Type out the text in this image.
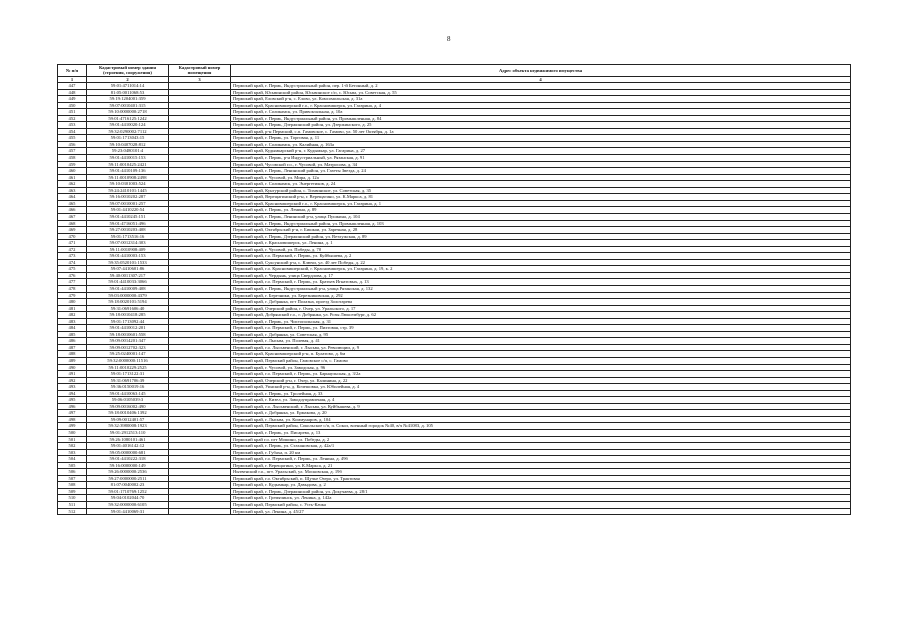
8
№ п/п	Кадастровый номер здания (строения, сооружения)	Кадастровый номер помещения	Адрес объекта недвижимого имущества
1	2	3	4
447	59:01:4711014:14		Пермский край, г. Пермь, Индустриальный район, пер. 1-й Бетонный, д. 2
448	81:05:0011068:53		Пермский край, Юсьвинский район, Юсьвинское с/п, с. Юсьва, ул. Советская, д. 55
449	59:19:1204001:359		Пермский край, Еловский р-н, с. Елово, ул. Комсомольская, д. 31а
450	59:07:0010401:315		Пермский край, Красновишерский г.о., г. Красновишерск, ул. Гагарина, д. 4
451	59:10:0000000:2718		Пермский край, г. Соликамск, ул. Привокзальная, д. 10а
452	59:01:4716125:1242		Пермский край, г. Пермь, Индустриальный район, ул. Промышленная, д. 84
453	59:01:4410020:124		Пермский край, г. Пермь, Дзержинский район, ул. Дзержинского, д. 25
454	59:32:0290002:7112		Пермский край, р-н Пермский, с.п. Гамовское, с. Гамово, ул. 50 лет Октября, д. 1а
455	59:01:1713043:15		Пермский край, г. Пермь, ул. Торговая, д. 11
456	59:10:0407028:812		Пермский край, г. Соликамск, ул. Калийная, д. 163а
457	59:23:0480101:4		Пермский край, Кудымкарский р-н, г. Кудымкар, ул. Гагарина, д. 27
458	59:01:4410015:153		Пермский край, г. Пермь, р-н Индустриальный, ул. Рязанская, д. 91
459	59:11:0010425:2421		Пермский край, Чусовской г.о., г. Чусовой, ул. Матросова, д. 34
460	59:01:4410109:136		Пермский край, г. Пермь, Ленинский район, ул. Газеты Звезда, д. 24
461	59:11:0010908:2498		Пермский край, г. Чусовой, ул. Мира, д. 12а
462	59:10:0301003:524		Пермский край, г. Соликамск, ул. Энергетиков, д. 24
463	59:24:2410101:1445		Пермский край, Кунгурский район, с. Тихвинское, ул. Советская, д. 35
464	59:16:0010202:287		Пермский край, Верещагинский р-н, г. Верещагино, ул. К.Маркса, д. 81
465	59:07:0010001:257		Пермский край, Красновишерский г.о., г. Красновишерск, ул. Гагарина, д. 1
466	59:01:4410220:54		Пермский край, г. Пермь, ул. Ленина, д. 89
467	59:01:4410245:151		Пермский край, г. Пермь, Ленинский р-н, улица Пушкина, д. 104
468	59:01:4716051:496		Пермский край, г. Пермь, Индустриальный район, ул. Промышленная, д. 103
469	59:27:0010203:408		Пермский край, Октябрьский р-н, г. Бишкаи, ул. Заречная, д. 28
470	59:01:1713516:16		Пермский край, г. Пермь, Дзержинский район, ул. Ветлужская, д. 89
471	59:07:0012314:303		Пермский край, г. Красновишерск, ул. Ленина, д. 1
472	59:11:0010908:409		Пермский край, г. Чусовой, ул. Победы, д. 70
473	59:01:4410003:153		Пермский край, г.о. Пермский, г. Пермь, ул. Куйбышева, д. 2
474	59:35:0520101:1533		Пермский край, Суксунский р-н, с. Ключи, ул. 40 лет Победы, д. 22
475	59:07:4410601:86		Пермский край, г.о. Красновишерский, г. Красновишерск, ул. Гагарина, д. 19, к. 2
476	59:40:0011307:217		Пермский край, г. Чердынь, улица Свердлова, д. 17
477	59:01:4410033:3066		Пермский край, г.о. Пермский, г. Пермь, ул. Братьев Игнатовых, д. 13
478	59:01:4410009:408		Пермский край, г. Пермь, Индустриальный р-н, улица Рязанская, д. 132
479	59:03:0000000:4379		Пермский край, г. Березники, ул. Березниковская, д. 292
480	59:18:0020101:5194		Пермский край, г. Добрянка, пгт Полазна, проезд Золотарева
481	59:31:0691606:40		Пермский край, Очерский район, г. Очер, ул. Уральского, д. 17
482	59:18:0010418:285		Пермский край, Добрянский г.о., г. Добрянка, ул. Розы Люксембург, д. 62
483	59:01:1713092:44		Пермский край, г. Пермь, ул. Чистопольская, д. 31
484	59:01:4410012:201		Пермский край, г.о. Пермский, г. Пермь, ул. Пихтовая, стр. 39
485	59:18:0010601:558		Пермский край, г. Добрянка, ул. Советская, д. 95
486	59:09:0014201:347		Пермский край, г. Лысьва, ул. Полевая, д. 41
487	59:09:0012702:323		Пермский край, г.о. Лысьвенский, г. Лысьва, ул. Революции, д. 9
488	59:25:0240001:147		Пермский край, Красновишерский р-н, п. Булатово, д. 6м
489	59:32:0000000:11516		Пермский край, Пермский район, Гамовское с/п, с. Гамово
490	59:11:0010229:2525		Пермский край, г. Чусовой, ул. Заводская, д. 96
491	59:01:1713122:31		Пермский край, г.о. Пермский, г. Пермь, ул. Барнаульская, д. 3/2а
492	59:31:0691706:39		Пермский край, Очерский р-н, г. Очер, ул. Калинина, д. 22
493	59:36:0150019:16		Пермский край, Уинский р-н, д. Кочешовка, ул. Юбилейная, д. 4
494	59:01:4410063:145		Пермский край, г. Пермь, ул. Тролейная, д. 33
495	59:06:0105039:3		Пермский край, г. Кизел, ул. Заводоуправления, д. 4
496	59:09:0016002:490		Пермский край, г.о. Лысьвенский, г. Лысьва, ул. Куйбышева, д. 9
497	59:18:0010406:1392		Пермский край, г. Добрянка, ул. Ермакова, д. 20
498	59:09:0012401:57		Пермский край, г. Лысьва, ул. Коммунаров, д. 104
499	59:32:3980008:1923		Пермский край, Пермский район, Сокольское с/п, п. Сокол, военный городок №40, в/ч №41083, д. 105
500	59:01:2912513:110		Пермский край, г. Пермь, ул. Писарева, д. 13
501	59:26:1080101:461		Пермский край г.о. пгт Мошино, ул. Победы, д. 2
502	59:01:4016142:12		Пермский край, г. Пермь, ул. Стахановская, д. 42а/1
503	59:05:0000000:681		Пермский край, г. Губаха, п. 20 км
504	59:01:4410222:318		Пермский край, г.о. Пермский, г. Пермь, ул. Ленина, д. 49б
505	59:16:0000000:149		Пермский край, г. Верещагино, ул. К.Маркса, д. 21
506	59:26:0000000:2536		Нытвенский г.о., пгт. Уральский, ул. Московская, д. 19б
507	59:27:0000000:2511		Пермский край, г.о. Октябрьский, п. Щучье Озеро, ул. Трактовая
508	81:07:0040002:23		Пермский край, г. Кудымкар, ул. Давыдова, д. 2
509	59:01:1710769:1252		Пермский край, г. Пермь, Дзержинский район, ул. Докучаева, д. 28/1
510	59:04:0102044:70		Пермский край, г. Гремячинск, ул. Ленина, д. 142а
511	59:32:0000000:6105		Пермский край, Пермский район, с. Усть-Качка
512	59:01:4410069:31		Пермский край, ул. Ленина, д. 45/27
